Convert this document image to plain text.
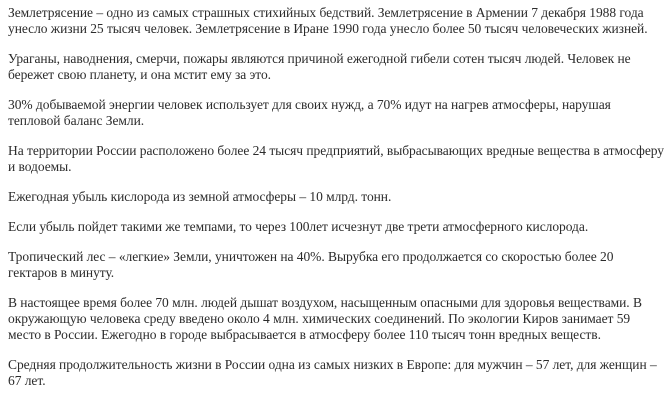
Землетрясение – одно из самых страшных стихийных бедствий. Землетрясение в Армении 7 декабря 1988 года унесло жизни 25 тысяч человек. Землетрясение в Иране 1990 года унесло более 50 тысяч человеческих жизней.

Ураганы, наводнения, смерчи, пожары являются причиной ежегодной гибели сотен тысяч людей. Человек не бережет свою планету, и она мстит ему за это.

30% добываемой энергии человек использует для своих нужд, а 70% идут на нагрев атмосферы, нарушая тепловой баланс Земли.

На территории России расположено более 24 тысяч предприятий, выбрасывающих вредные вещества в атмосферу и водоемы.

Ежегодная убыль кислорода из земной атмосферы – 10 млрд. тонн.

Если убыль пойдет такими же темпами, то через 100лет исчезнут две трети атмосферного кислорода.

Тропический лес – «легкие» Земли, уничтожен на 40%. Вырубка его продолжается со скоростью более 20 гектаров в минуту.

В настоящее время более 70 млн. людей дышат воздухом, насыщенным опасными для здоровья веществами. В окружающую человека среду введено около 4 млн. химических соединений. По экологии Киров занимает 59 место в России. Ежегодно в городе выбрасывается в атмосферу более 110 тысяч тонн вредных веществ.

Средняя продолжительность жизни в России одна из самых низких в Европе: для мужчин – 57 лет, для женщин – 67 лет.
